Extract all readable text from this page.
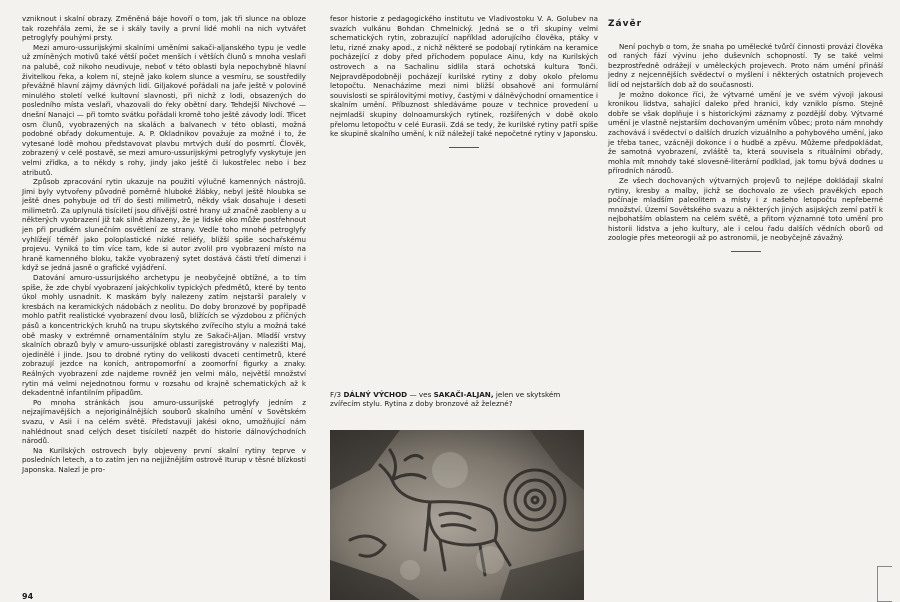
vzniknout i skalní obrazy. Změněná báje hovoří o tom, jak tři slunce na obloze tak rozehřála zemi, že se i skály tavily a první lidé mohli na nich vytvářet petroglyfy pouhými prsty.

Mezi amuro-ussurijskými skalními uměními sakači-aljanského typu je vedle už zmíněných motivů také větší počet menších i větších člunů s mnoha veslaři na palubě, což nikoho neudivuje, neboť v této oblasti byla nepochybně hlavní živitelkou řeka, a kolem ní, stejně jako kolem slunce a vesmíru, se soustředily převážně hlavní zájmy dávných lidí. Giljakové pořádali na jaře ještě v polovině minulého století velké kultovní slavnosti, při nichž z lodi, obsazených do posledního místa veslaři, vhazovali do řeky obětní dary. Tehdejší Nivchové — dnešní Nanajci — při tomto svátku pořádali kromě toho ještě závody lodí. Třicet osm člunů, vyobrazených na skalách a balvanech v této oblasti, možná podobné obřady dokumentuje. A. P. Okladnikov považuje za možné i to, že vytesané lodě mohou představovat plavbu mrtvých duší do posmrtí. Člověk, zobrazený v celé postavě, se mezi amuro-ussurijskými petroglyfy vyskytuje jen velmi zřídka, a to někdy s rohy, jindy jako ještě či lukostřelec nebo i bez atributů.

Způsob zpracování rytin ukazuje na použití výlučně kamenných nástrojů. Jimi byly vytvořeny původně poměrně hluboké žlábky, nebyl ještě hloubka se ještě dnes pohybuje od tří do šesti milimetrů, někdy však dosahuje i deseti milimetrů. Za uplynulá tisíciletí jsou dřívější ostré hrany už značně zaobleny a u některých vyobrazení již tak silně zhlazeny, že je lidské oko může postřehnout jen při prudkém slunečním osvětlení ze strany. Vedle toho mnohé petroglyfy vyhlížejí téměř jako poloplastické nízké reliéfy, bližší spíše sochařskému projevu. Vyniká to tím více tam, kde si autor zvolil pro vyobrazení místo na hraně kamenného bloku, takže vyobrazený sytet dostává části třetí dimenzi i když se jedná jasně o grafické vyjádření.

Datování amuro-ussurijského archetypu je neobyčejně obtížné, a to tím spíše, že zde chybí vyobrazení jakýchkoliv typických předmětů, které by tento úkol mohly usnadnit. K maskám byly nalezeny zatím nejstarší paralely v kresbách na keramických nádobách z neolitu. Do doby bronzové by popřípadě mohlo patřit realistické vyobrazení dvou losů, blížících se výzdobou z příčných pásů a koncentrických kruhů na trupu skytského zvířecího stylu a možná také obě masky v extrémně ornamentálním stylu ze Sakači-Aljan. Mladší vrstvy skalních obrazů byly v amuro-ussurijské oblasti zaregistrovány v nalezišti Maj, ojedinělé i jinde. Jsou to drobné rytiny do velikosti dvaceti centimetrů, které zobrazují jezdce na koních, antropomorfní a zoomorfní figurky a znaky. Reálných vyobrazení zde najdeme rovněž jen velmi málo, největší množství rytin má velmi nejednotnou formu v rozsahu od krajně schematických až k dekadentně infantilním případům.

Po mnoha stránkách jsou amuro-ussurijské petroglyfy jedním z nejzajímavějších a nejoriginálnějších souborů skalního umění v Sovětském svazu, v Asii i na celém světě. Představují jakési okno, umožňující nám nahlédnout snad celých deset tisíciletí nazpět do historie dálnovýchodních národů.

Na Kurilských ostrovech byly objeveny první skalní rytiny teprve v posledních letech, a to zatím jen na nejjižnějším ostrově Iturup v těsné blízkosti Japonska. Nalezl je pro-

fesor historie z pedagogického institutu ve Vladivostoku V. A. Golubev na svazích vulkánu Bohdan Chmelnický. Jedná se o tři skupiny velmi schematických rytin, zobrazující například adorujícího člověka, ptáky v letu, rizné znaky apod., z nichž některé se podobají rytinkám na keramice pocházející z doby před příchodem populace Ainu, kdy na Kurilských ostrovech a na Sachalinu sídlila stará ochotská kultura Tonči. Nejpravděpodobněji pocházejí kurilské rytiny z doby okolo přelomu letopočtu. Nenacházíme mezi nimi bližší obsahově ani formulární souvislosti se spirálovitými motivy, častými v dálněvýchodní ornamentice i skalním umění. Příbuznost shledáváme pouze v technice provedení u nejmladší skupiny dolnoamurských rytinek, rozšířených v době okolo přelomu letopočtu v celé Eurasii. Zdá se tedy, že kurilské rytiny patří spíše ke skupině skalního umění, k níž náležejí také nepočetné rytiny v Japonsku.

Závěr

Není pochyb o tom, že snaha po umělecké tvůrčí činnosti provází člověka od raných fází vývinu jeho duševních schopností. Ty se také velmi bezprostředně odrážejí v uměleckých projevech. Proto nám umění přináší jedny z nejcennějších svědectví o myšlení i některých ostatních projevech lidí od nejstarších dob až do současnosti.

Je možno dokonce říci, že výtvarné umění je ve svém vývoji jakousi kronikou lidstva, sahající daleko před hranici, kdy vzniklo písmo. Stejně dobře se však doplňuje i s historickými záznamy z pozdější doby. Výtvarné umění je vlastně nejstarším dochovaným uměním vůbec; proto nám mnohdy zachovává i svědectví o dalších druzích vizuálního a pohybového umění, jako je třeba tanec, vzácněji dokonce i o hudbě a zpěvu. Můžeme předpokládat, že samotná vyobrazení, zvláště ta, která souvisela s rituálními obřady, mohla mít mnohdy také slovesně-literární podklad, jak tomu bývá dodnes u přírodních národů.

Ze všech dochovaných výtvarných projevů to nejlépe dokládají skalní rytiny, kresby a malby, jichž se dochovalo ze všech pravěkých epoch počínaje mladším paleolitem a místy i z našeho letopočtu nepřeberné množství. Území Sovětského svazu a některých jiných asijských zemí patří k nejbohatším oblastem na celém světě, a přitom významné toto umění pro historii lidstva a jeho kultury, ale i celou řadu dalších vědních oborů od zoologie přes meteorogii až po astronomii, je neobyčejně závažný.

F/3 DÁLNÝ VÝCHOD — ves SAKAČI-ALJAN, jelen ve skytském zvířecím stylu. Rytina z doby bronzové až železné?
94
